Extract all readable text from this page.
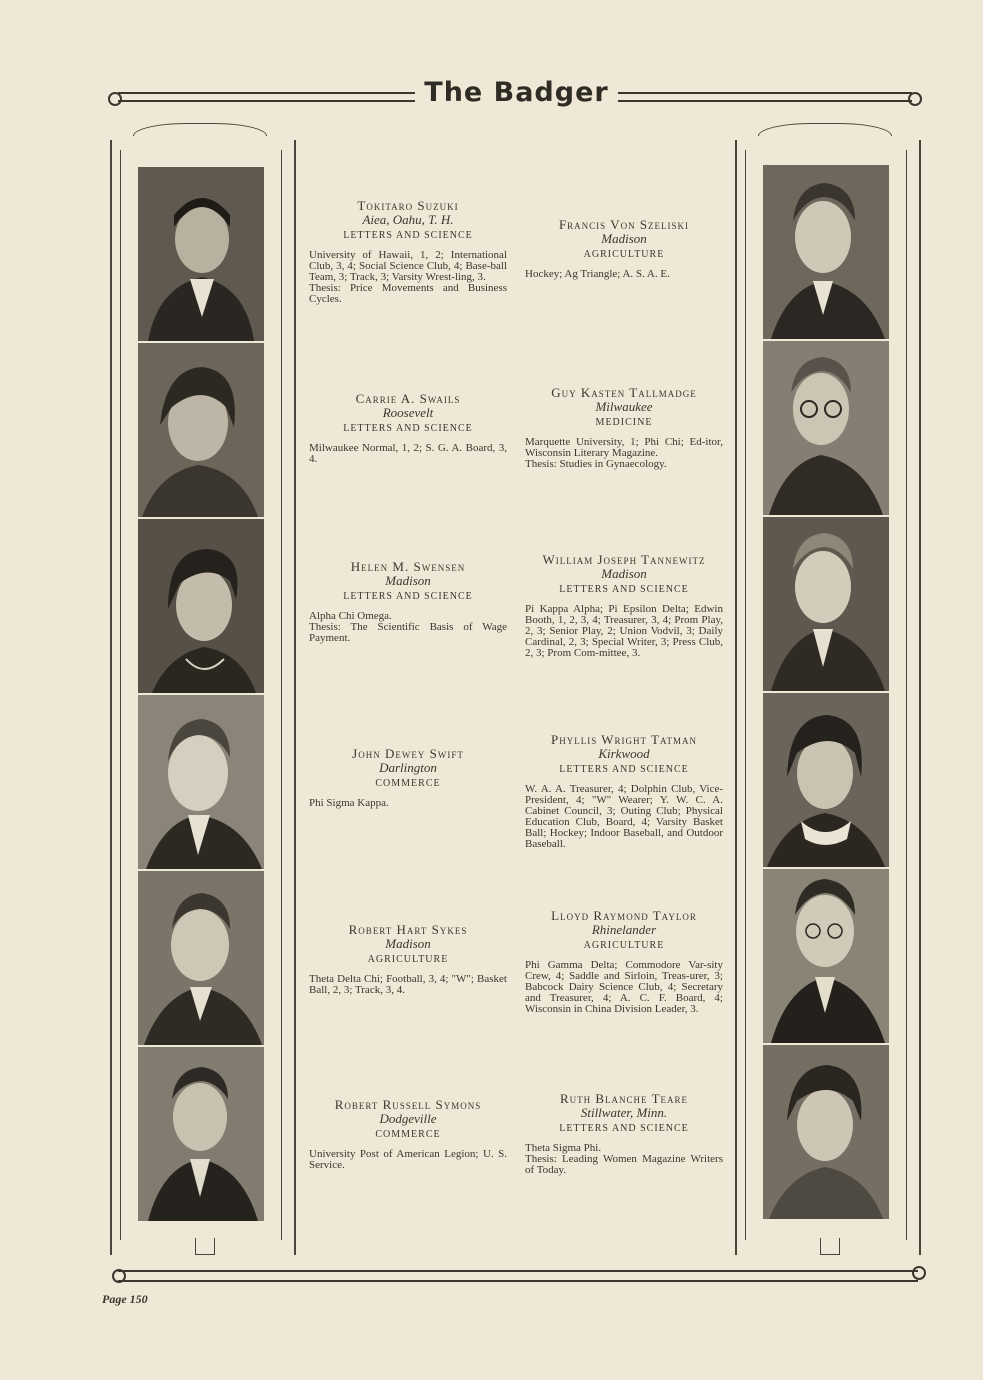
The Badger
Tokitaro Suzuki
Aiea, Oahu, T. H.
LETTERS AND SCIENCE
University of Hawaii, 1, 2; International Club, 3, 4; Social Science Club, 4; Base-ball Team, 3; Track, 3; Varsity Wrest-ling, 3.
Thesis: Price Movements and Business Cycles.
Carrie A. Swails
Roosevelt
LETTERS AND SCIENCE
Milwaukee Normal, 1, 2; S. G. A. Board, 3, 4.
Helen M. Swensen
Madison
LETTERS AND SCIENCE
Alpha Chi Omega.
Thesis: The Scientific Basis of Wage Payment.
John Dewey Swift
Darlington
COMMERCE
Phi Sigma Kappa.
Robert Hart Sykes
Madison
AGRICULTURE
Theta Delta Chi; Football, 3, 4; "W"; Basket Ball, 2, 3; Track, 3, 4.
Robert Russell Symons
Dodgeville
COMMERCE
University Post of American Legion; U. S. Service.
Francis Von Szeliski
Madison
AGRICULTURE
Hockey; Ag Triangle; A. S. A. E.
Guy Kasten Tallmadge
Milwaukee
MEDICINE
Marquette University, 1; Phi Chi; Ed-itor, Wisconsin Literary Magazine.
Thesis: Studies in Gynaecology.
William Joseph Tannewitz
Madison
LETTERS AND SCIENCE
Pi Kappa Alpha; Pi Epsilon Delta; Edwin Booth, 1, 2, 3, 4; Treasurer, 3, 4; Prom Play, 2, 3; Senior Play, 2; Union Vodvil, 3; Daily Cardinal, 2, 3; Special Writer, 3; Press Club, 2, 3; Prom Com-mittee, 3.
Phyllis Wright Tatman
Kirkwood
LETTERS AND SCIENCE
W. A. A. Treasurer, 4; Dolphin Club, Vice-President, 4; "W" Wearer; Y. W. C. A. Cabinet Council, 3; Outing Club; Physical Education Club, Board, 4; Varsity Basket Ball; Hockey; Indoor Baseball, and Outdoor Baseball.
Lloyd Raymond Taylor
Rhinelander
AGRICULTURE
Phi Gamma Delta; Commodore Var-sity Crew, 4; Saddle and Sirloin, Treas-urer, 3; Babcock Dairy Science Club, 4; Secretary and Treasurer, 4; A. C. F. Board, 4; Wisconsin in China Division Leader, 3.
Ruth Blanche Teare
Stillwater, Minn.
LETTERS AND SCIENCE
Theta Sigma Phi.
Thesis: Leading Women Magazine Writers of Today.
Page 150
